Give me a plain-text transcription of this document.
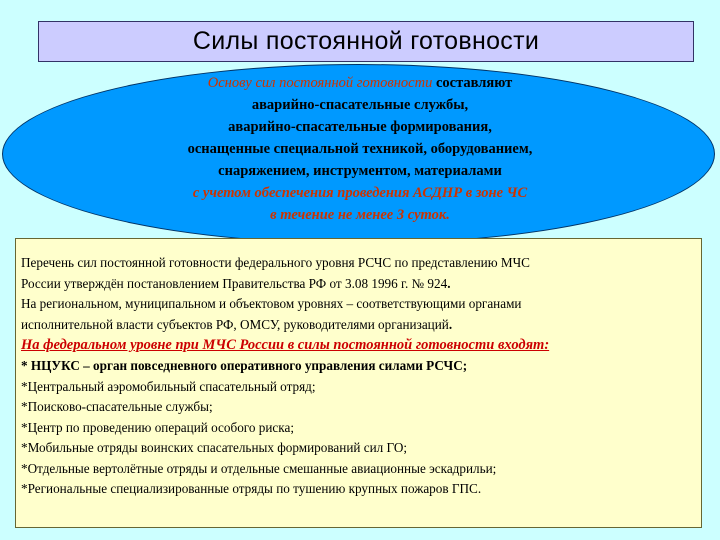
Силы постоянной готовности
Основу сил постоянной готовности составляют
аварийно-спасательные службы,
аварийно-спасательные формирования,
оснащенные специальной техникой, оборудованием,
снаряжением, инструментом, материалами
с учетом обеспечения проведения АСДНР в зоне ЧС
в течение не менее 3 суток.

Перечень сил постоянной готовности федерального уровня РСЧС по представлению МЧС

России утверждён постановлением Правительства РФ от 3.08 1996 г. № 924.

На региональном, муниципальном и объектовом уровнях – соответствующими органами

исполнительной власти субъектов РФ, ОМСУ, руководителями организаций.

На федеральном уровне при МЧС России в силы постоянной готовности входят:

* НЦУКС – орган повседневного оперативного управления силами РСЧС;

*Центральный аэромобильный спасательный отряд;

*Поисково-спасательные службы;

*Центр по проведению операций особого риска;

*Мобильные отряды воинских спасательных формирований сил ГО;

*Отдельные вертолётные отряды и отдельные смешанные авиационные эскадрильи;

*Региональные специализированные отряды по тушению крупных пожаров ГПС.
